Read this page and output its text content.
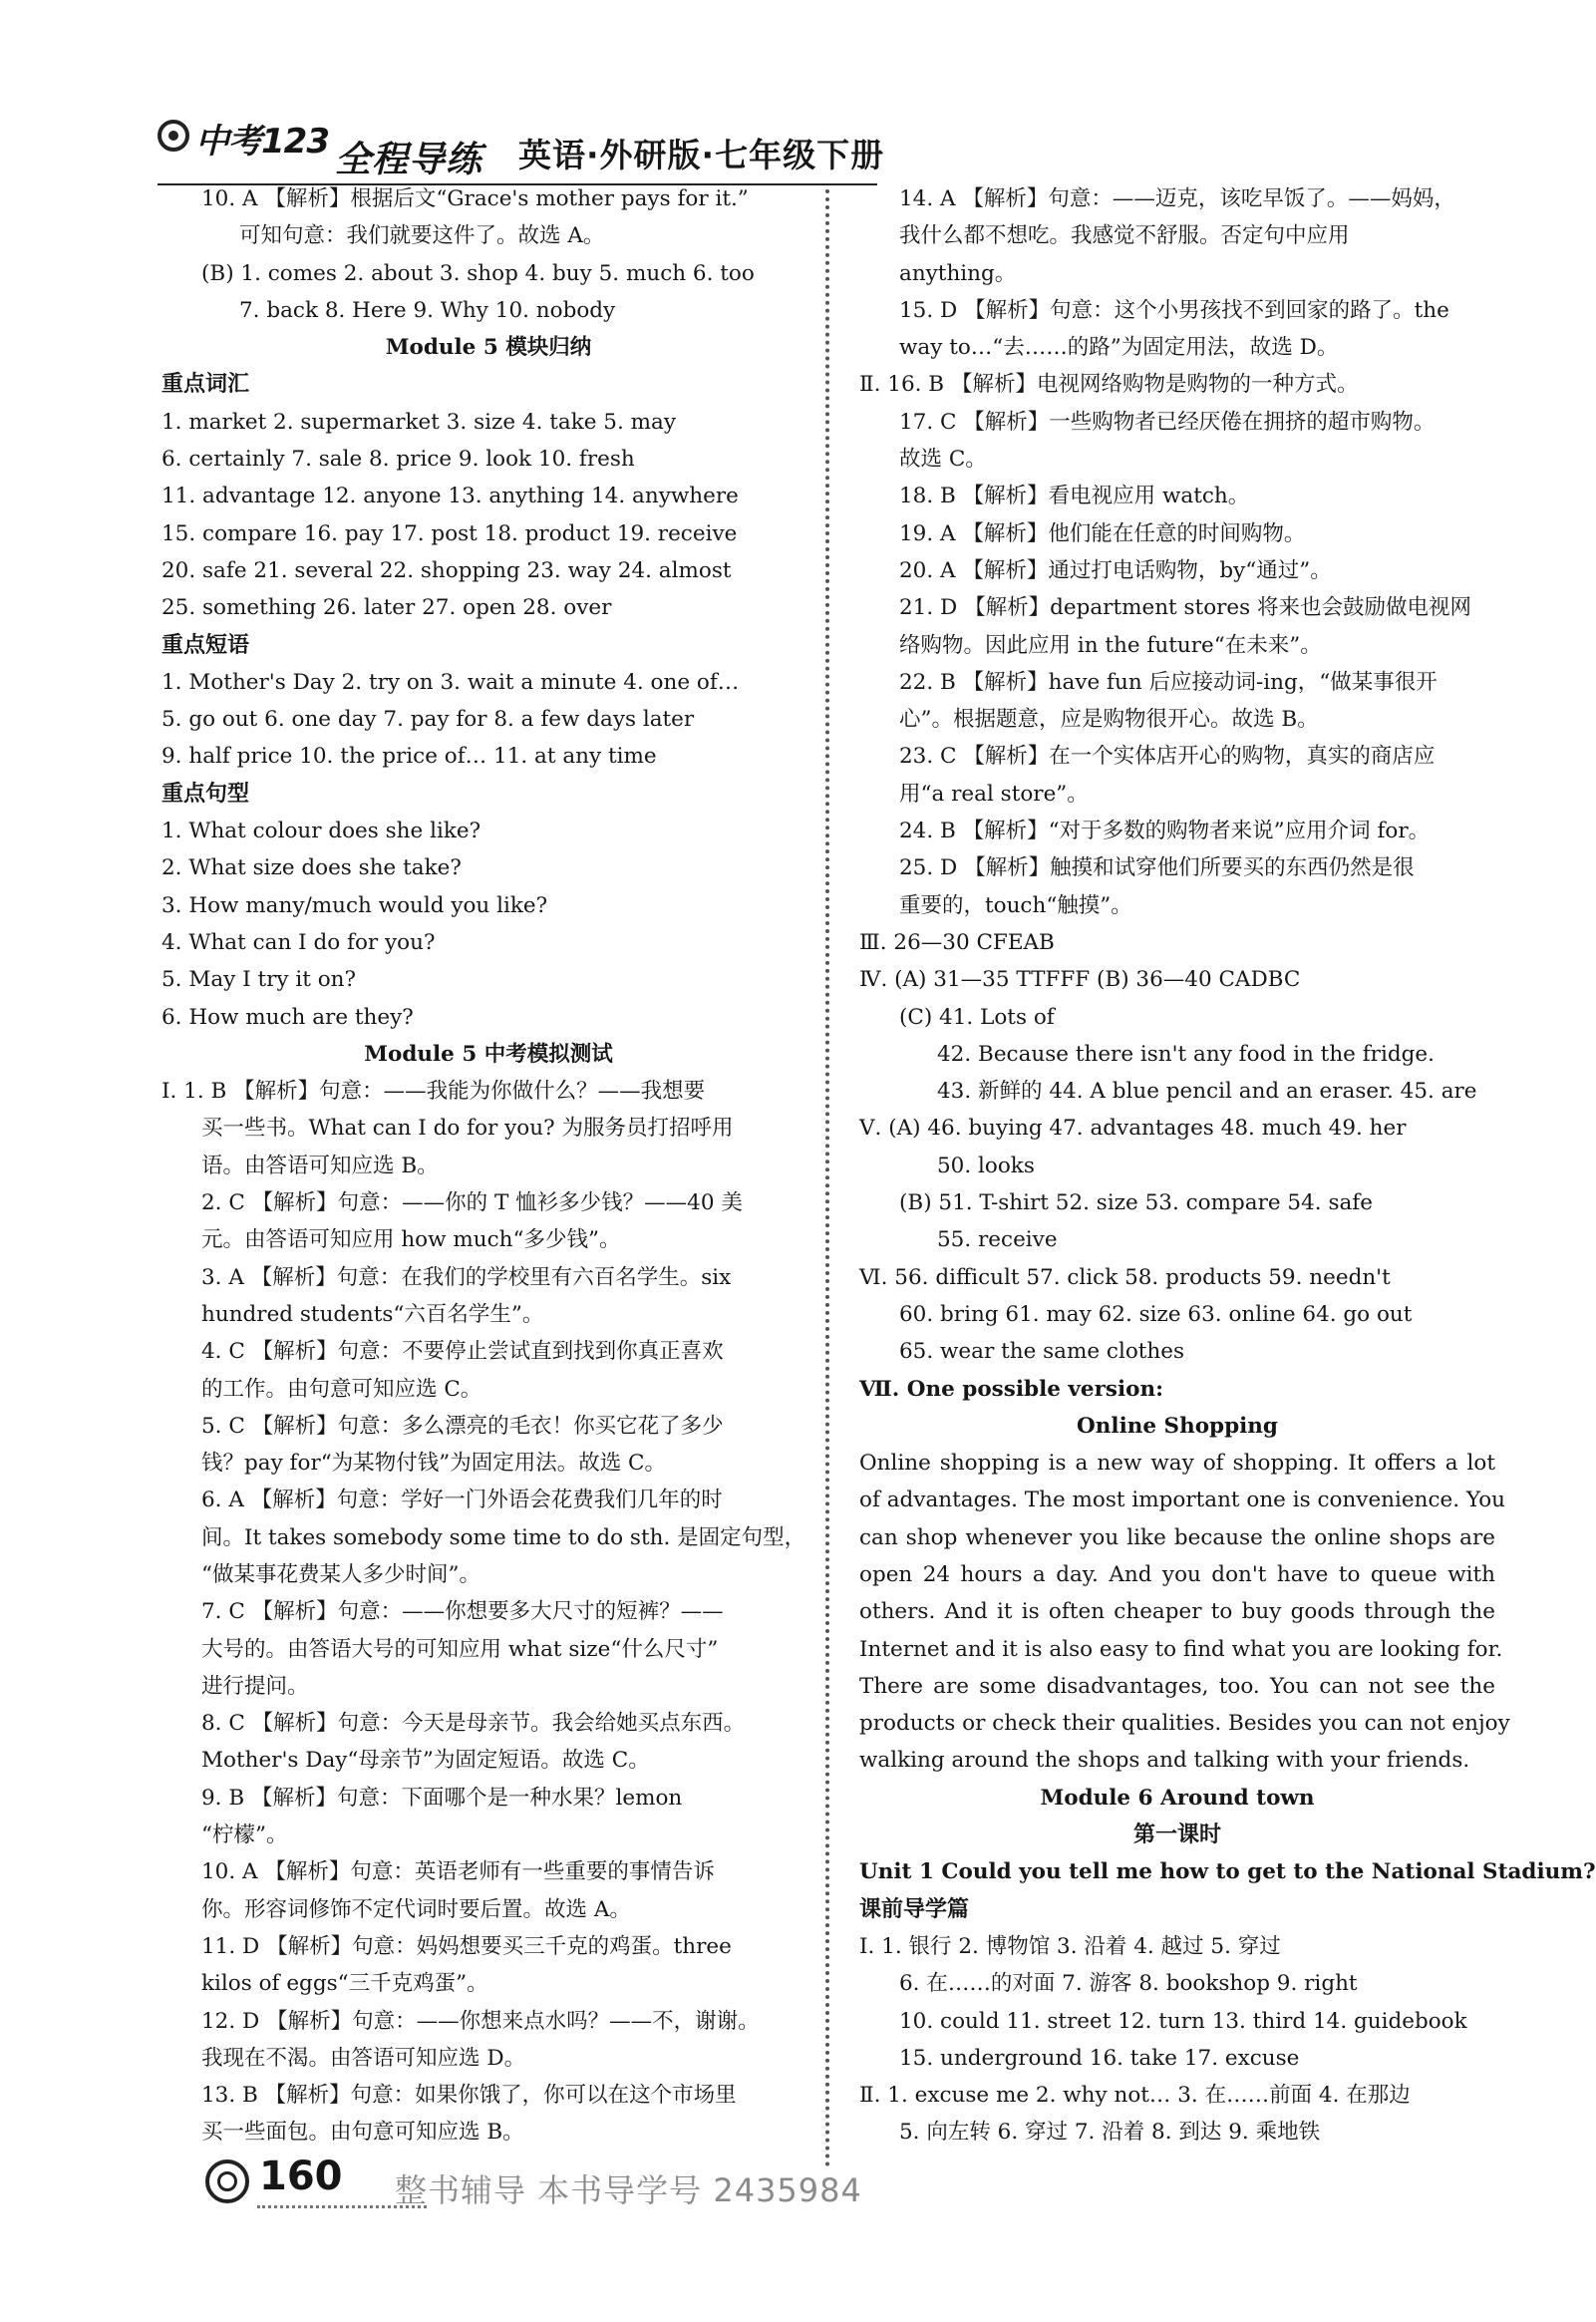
中考123 全程导练 英语·外研版·七年级下册
10. A 【解析】根据后文“Grace's mother pays for it.”
可知句意：我们就要这件了。故选 A。
(B) 1. comes 2. about 3. shop 4. buy 5. much 6. too
7. back 8. Here 9. Why 10. nobody
Module 5 模块归纳
重点词汇
1. market 2. supermarket 3. size 4. take 5. may
6. certainly 7. sale 8. price 9. look 10. fresh
11. advantage 12. anyone 13. anything 14. anywhere
15. compare 16. pay 17. post 18. product 19. receive
20. safe 21. several 22. shopping 23. way 24. almost
25. something 26. later 27. open 28. over
重点短语
1. Mother's Day 2. try on 3. wait a minute 4. one of…
5. go out 6. one day 7. pay for 8. a few days later
9. half price 10. the price of… 11. at any time
重点句型
1. What colour does she like?
2. What size does she take?
3. How many/much would you like?
4. What can I do for you?
5. May I try it on?
6. How much are they?
Module 5 中考模拟测试
Ⅰ. 1. B 【解析】句意：——我能为你做什么？——我想要
买一些书。What can I do for you? 为服务员打招呼用
语。由答语可知应选 B。
2. C 【解析】句意：——你的 T 恤衫多少钱？——40 美
元。由答语可知应用 how much“多少钱”。
3. A 【解析】句意：在我们的学校里有六百名学生。six
hundred students“六百名学生”。
4. C 【解析】句意：不要停止尝试直到找到你真正喜欢
的工作。由句意可知应选 C。
5. C 【解析】句意：多么漂亮的毛衣！你买它花了多少
钱？pay for“为某物付钱”为固定用法。故选 C。
6. A 【解析】句意：学好一门外语会花费我们几年的时
间。It takes somebody some time to do sth. 是固定句型，
“做某事花费某人多少时间”。
7. C 【解析】句意：——你想要多大尺寸的短裤？——
大号的。由答语大号的可知应用 what size“什么尺寸”
进行提问。
8. C 【解析】句意：今天是母亲节。我会给她买点东西。
Mother's Day“母亲节”为固定短语。故选 C。
9. B 【解析】句意：下面哪个是一种水果？lemon
“柠檬”。
10. A 【解析】句意：英语老师有一些重要的事情告诉
你。形容词修饰不定代词时要后置。故选 A。
11. D 【解析】句意：妈妈想要买三千克的鸡蛋。three
kilos of eggs“三千克鸡蛋”。
12. D 【解析】句意：——你想来点水吗？——不，谢谢。
我现在不渴。由答语可知应选 D。
13. B 【解析】句意：如果你饿了，你可以在这个市场里
买一些面包。由句意可知应选 B。
14. A 【解析】句意：——迈克，该吃早饭了。——妈妈，
我什么都不想吃。我感觉不舒服。否定句中应用
anything。
15. D 【解析】句意：这个小男孩找不到回家的路了。the
way to…“去……的路”为固定用法，故选 D。
Ⅱ. 16. B 【解析】电视网络购物是购物的一种方式。
17. C 【解析】一些购物者已经厌倦在拥挤的超市购物。
故选 C。
18. B 【解析】看电视应用 watch。
19. A 【解析】他们能在任意的时间购物。
20. A 【解析】通过打电话购物，by“通过”。
21. D 【解析】department stores 将来也会鼓励做电视网
络购物。因此应用 in the future“在未来”。
22. B 【解析】have fun 后应接动词-ing，“做某事很开
心”。根据题意，应是购物很开心。故选 B。
23. C 【解析】在一个实体店开心的购物，真实的商店应
用“a real store”。
24. B 【解析】“对于多数的购物者来说”应用介词 for。
25. D 【解析】触摸和试穿他们所要买的东西仍然是很
重要的，touch“触摸”。
Ⅲ. 26—30 CFEAB
Ⅳ. (A) 31—35 TTFFF (B) 36—40 CADBC
(C) 41. Lots of
42. Because there isn't any food in the fridge.
43. 新鲜的 44. A blue pencil and an eraser. 45. are
Ⅴ. (A) 46. buying 47. advantages 48. much 49. her
50. looks
(B) 51. T-shirt 52. size 53. compare 54. safe
55. receive
Ⅵ. 56. difficult 57. click 58. products 59. needn't
60. bring 61. may 62. size 63. online 64. go out
65. wear the same clothes
Ⅶ. One possible version:
Online Shopping
Online shopping is a new way of shopping. It offers a lot
of advantages. The most important one is convenience. You
can shop whenever you like because the online shops are
open 24 hours a day. And you don't have to queue with
others. And it is often cheaper to buy goods through the
Internet and it is also easy to find what you are looking for.
There are some disadvantages, too. You can not see the
products or check their qualities. Besides you can not enjoy
walking around the shops and talking with your friends.
Module 6 Around town
第一课时
Unit 1 Could you tell me how to get to the National Stadium?
课前导学篇
Ⅰ. 1. 银行 2. 博物馆 3. 沿着 4. 越过 5. 穿过
6. 在……的对面 7. 游客 8. bookshop 9. right
10. could 11. street 12. turn 13. third 14. guidebook
15. underground 16. take 17. excuse
Ⅱ. 1. excuse me 2. why not… 3. 在……前面 4. 在那边
5. 向左转 6. 穿过 7. 沿着 8. 到达 9. 乘地铁
160 整书辅导 本书导学号 2435984
